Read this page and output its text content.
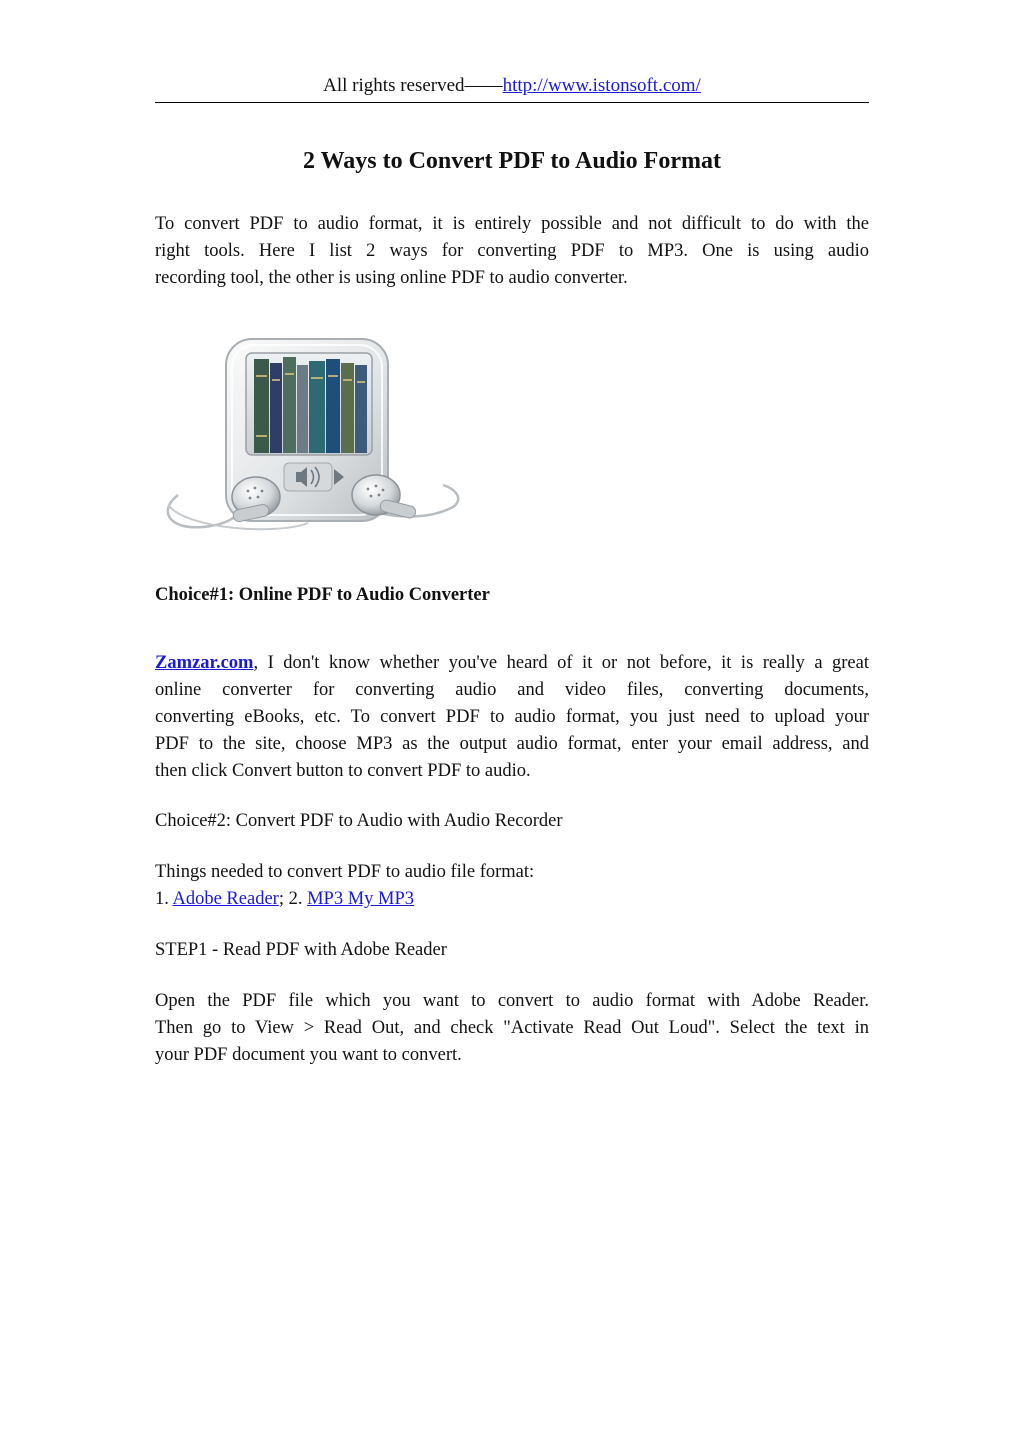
All rights reserved——http://www.istonsoft.com/
2 Ways to Convert PDF to Audio Format
To convert PDF to audio format, it is entirely possible and not difficult to do with the
right tools. Here I list 2 ways for converting PDF to MP3. One is using audio
recording tool, the other is using online PDF to audio converter.
Choice#1: Online PDF to Audio Converter
Zamzar.com, I don't know whether you've heard of it or not before, it is really a great
online converter for converting audio and video files, converting documents,
converting eBooks, etc. To convert PDF to audio format, you just need to upload your
PDF to the site, choose MP3 as the output audio format, enter your email address, and
then click Convert button to convert PDF to audio.
Choice#2: Convert PDF to Audio with Audio Recorder
Things needed to convert PDF to audio file format:
1. Adobe Reader; 2. MP3 My MP3
STEP1 - Read PDF with Adobe Reader
Open the PDF file which you want to convert to audio format with Adobe Reader.
Then go to View > Read Out, and check "Activate Read Out Loud". Select the text in
your PDF document you want to convert.
